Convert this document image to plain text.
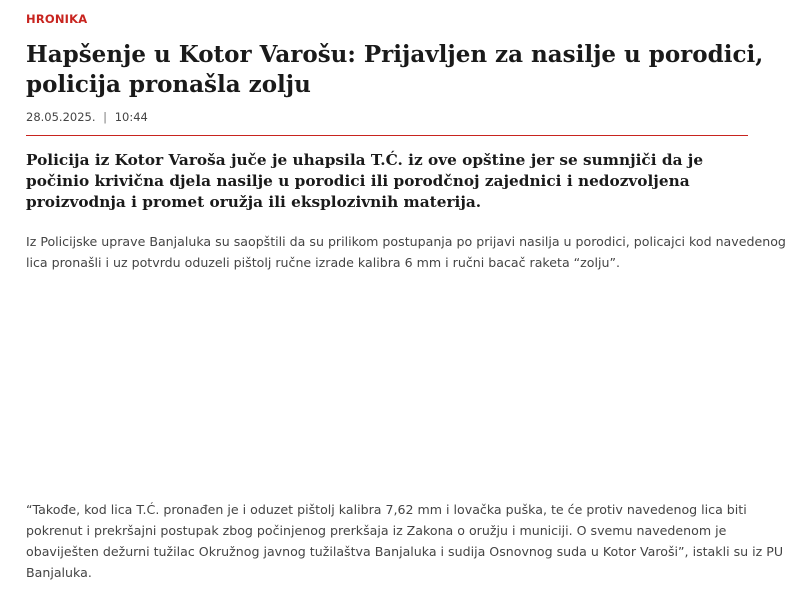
HRONIKA
Hapšenje u Kotor Varošu: Prijavljen za nasilje u porodici, policija pronašla zolju
28.05.2025. | 10:44

Policija iz Kotor Varoša juče je uhapsila T.Ć. iz ove opštine jer se sumnjiči da je počinio krivična djela nasilje u porodici ili porodčnoj zajednici i nedozvoljena proizvodnja i promet oružja ili eksplozivnih materija.

Iz Policijske uprave Banjaluka su saopštili da su prilikom postupanja po prijavi nasilja u porodici, policajci kod navedenog lica pronašli i uz potvrdu oduzeli pištolj ručne izrade kalibra 6 mm i ručni bacač raketa “zolju”.

“Takođe, kod lica T.Ć. pronađen je i oduzet pištolj kalibra 7,62 mm i lovačka puška, te će protiv navedenog lica biti pokrenut i prekršajni postupak zbog počinjenog prerkšaja iz Zakona o oružju i municiji. O svemu navedenom je obaviješten dežurni tužilac Okružnog javnog tužilaštva Banjaluka i sudija Osnovnog suda u Kotor Varoši”, istakli su iz PU Banjaluka.
